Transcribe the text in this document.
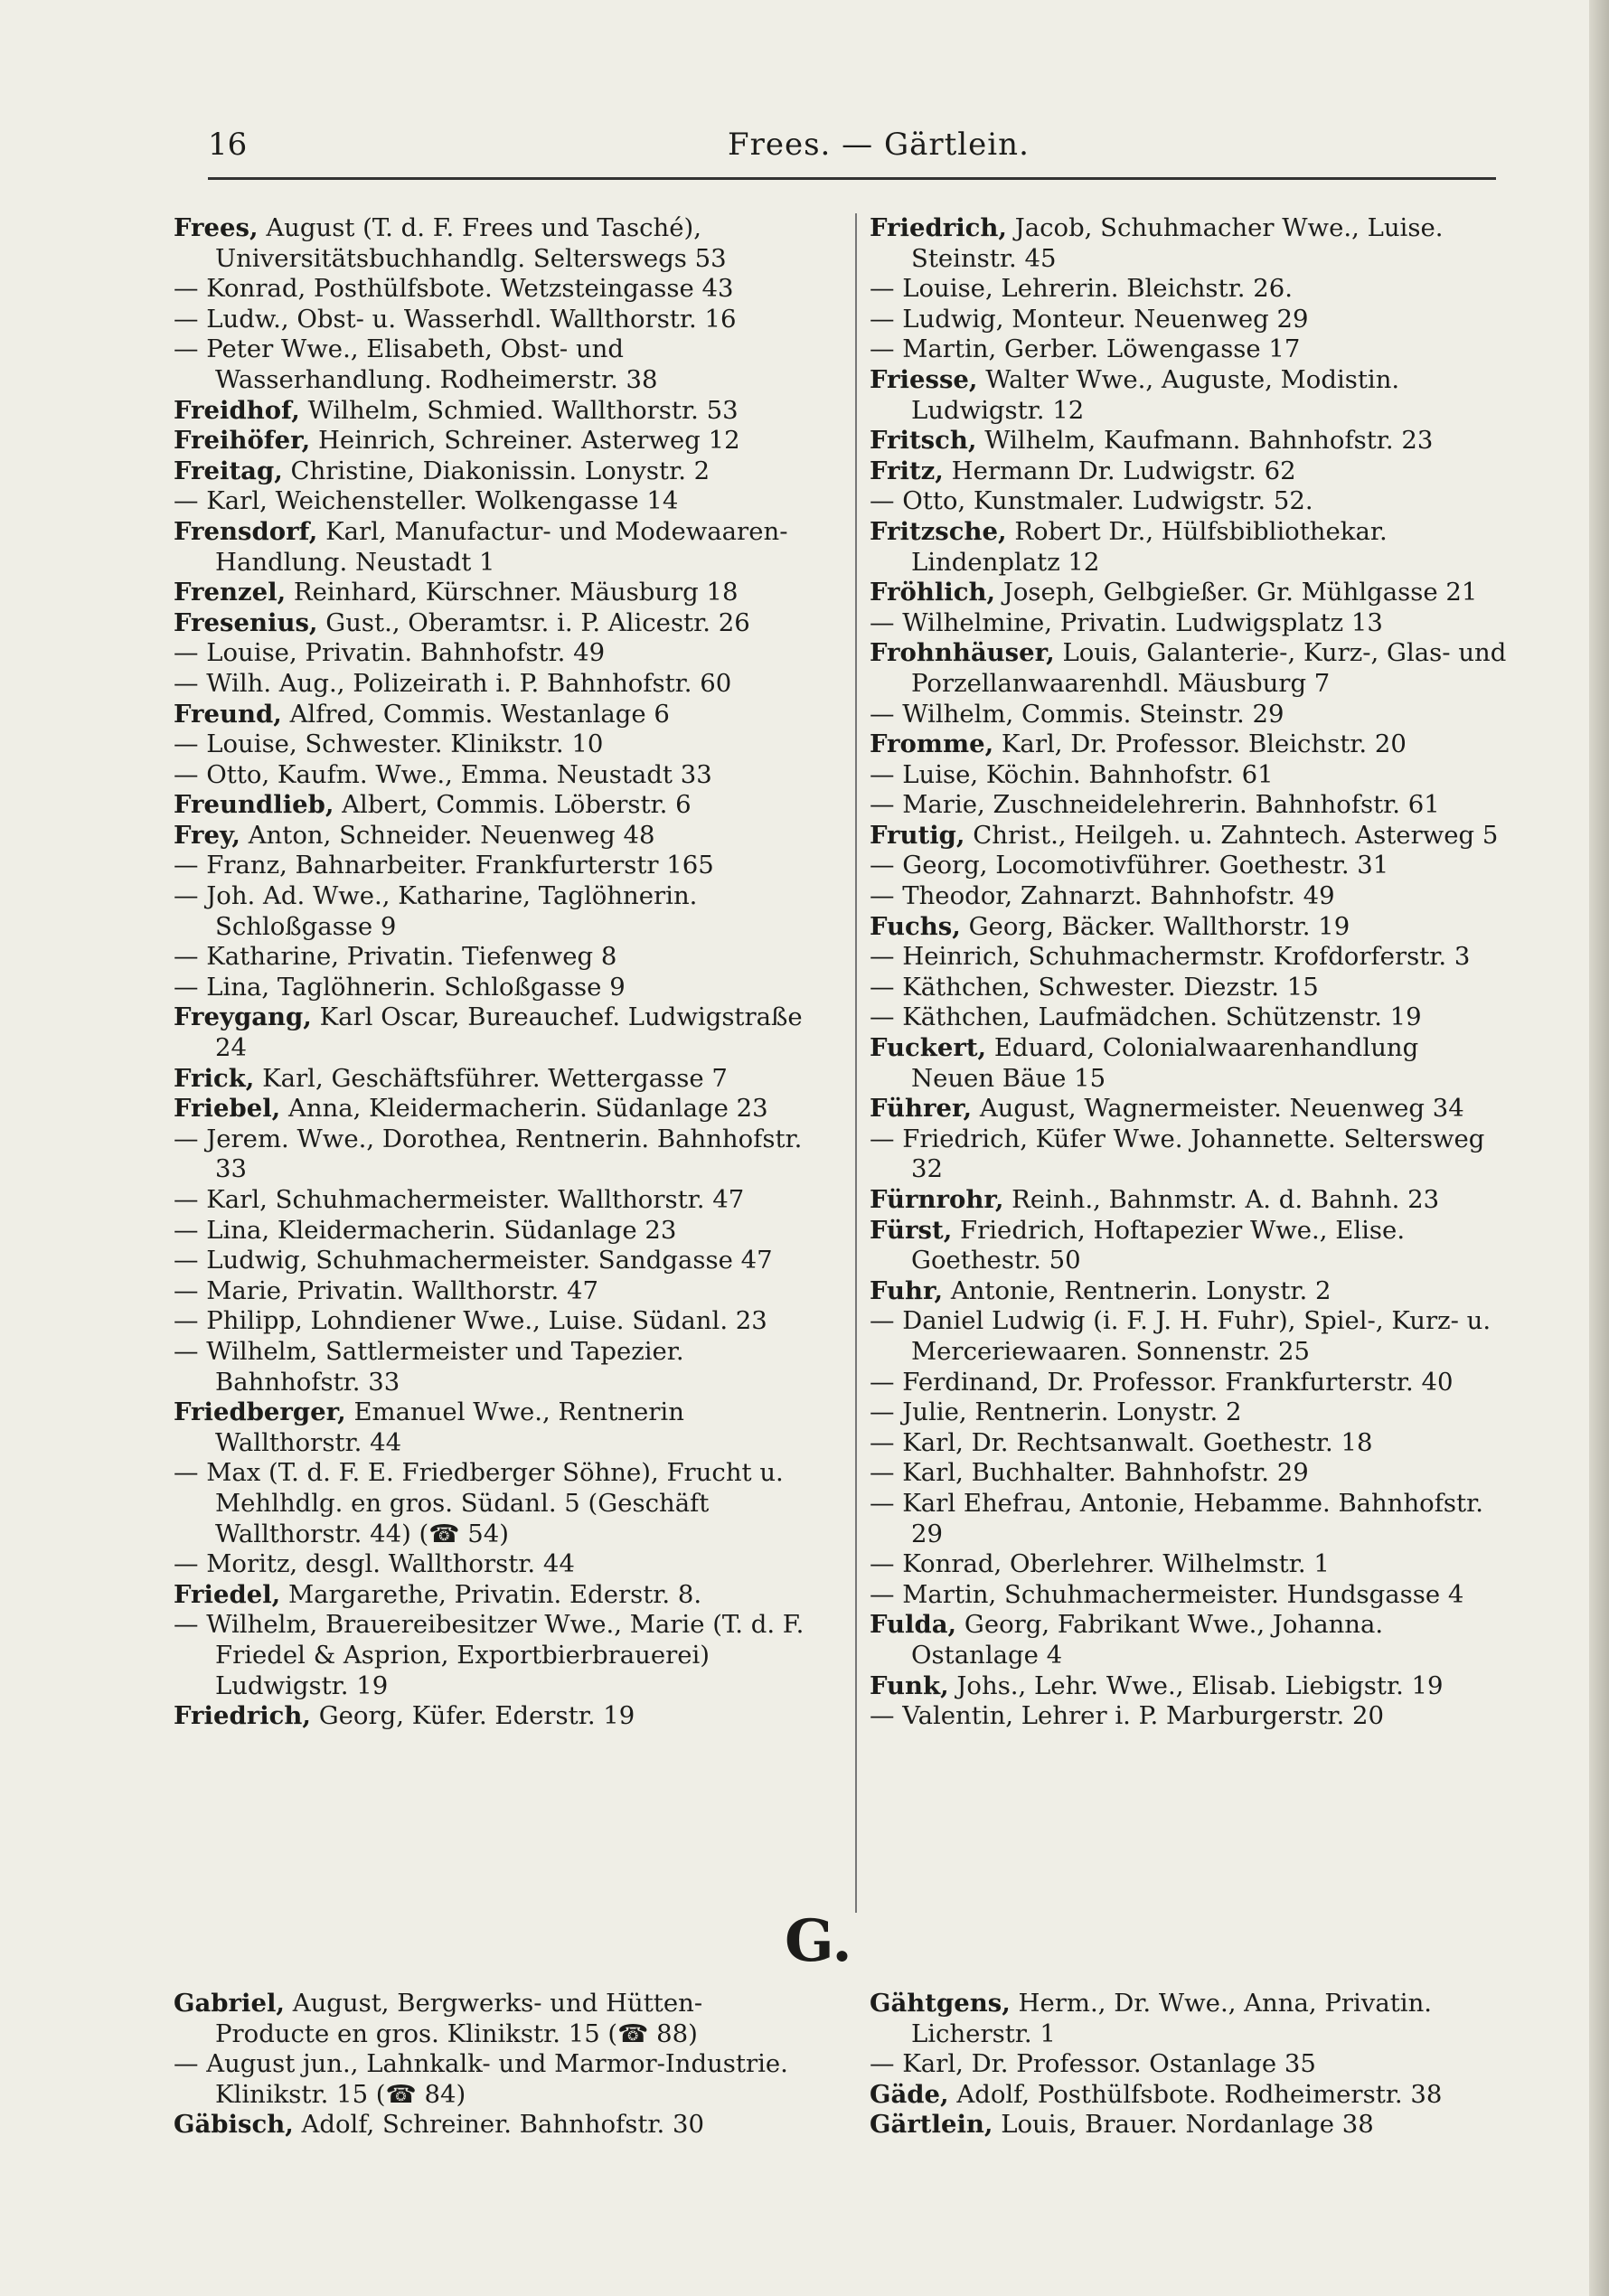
16	Frees. — Gärtlein.
Frees, August (T. d. F. Frees und Tasché), Universitätsbuchhandlg. Selterswegs 53
— Konrad, Posthülfsbote. Wetzsteingasse 43
— Ludw., Obst- u. Wasserhdl. Wallthorstr. 16
— Peter Wwe., Elisabeth, Obst- und Wasserhandlung. Rodheimerstr. 38
Freidhof, Wilhelm, Schmied. Wallthorstr. 53
Freihöfer, Heinrich, Schreiner. Asterweg 12
Freitag, Christine, Diakonissin. Lonystr. 2
— Karl, Weichensteller. Wolkengasse 14
Frensdorf, Karl, Manufactur- und Modewaaren-Handlung. Neustadt 1
Frenzel, Reinhard, Kürschner. Mäusburg 18
Fresenius, Gust., Oberamtsr. i. P. Alicestr. 26
— Louise, Privatin. Bahnhofstr. 49
— Wilh. Aug., Polizeirath i. P. Bahnhofstr. 60
Freund, Alfred, Commis. Westanlage 6
— Louise, Schwester. Klinikstr. 10
— Otto, Kaufm. Wwe., Emma. Neustadt 33
Freundlieb, Albert, Commis. Löberstr. 6
Frey, Anton, Schneider. Neuenweg 48
— Franz, Bahnarbeiter. Frankfurterstr 165
— Joh. Ad. Wwe., Katharine, Taglöhnerin. Schloßgasse 9
— Katharine, Privatin. Tiefenweg 8
— Lina, Taglöhnerin. Schloßgasse 9
Freygang, Karl Oscar, Bureauchef. Ludwigstraße 24
Frick, Karl, Geschäftsführer. Wettergasse 7
Friebel, Anna, Kleidermacherin. Südanlage 23
— Jerem. Wwe., Dorothea, Rentnerin. Bahnhofstr. 33
— Karl, Schuhmachermeister. Wallthorstr. 47
— Lina, Kleidermacherin. Südanlage 23
— Ludwig, Schuhmachermeister. Sandgasse 47
— Marie, Privatin. Wallthorstr. 47
— Philipp, Lohndiener Wwe., Luise. Südanl. 23
— Wilhelm, Sattlermeister und Tapezier. Bahnhofstr. 33
Friedberger, Emanuel Wwe., Rentnerin Wallthorstr. 44
— Max (T. d. F. E. Friedberger Söhne), Frucht u. Mehlhdlg. en gros. Südanl. 5 (Geschäft Wallthorstr. 44) (☎ 54)
— Moritz, desgl. Wallthorstr. 44
Friedel, Margarethe, Privatin. Ederstr. 8.
— Wilhelm, Brauereibesitzer Wwe., Marie (T. d. F. Friedel & Asprion, Exportbierbrauerei) Ludwigstr. 19
Friedrich, Georg, Küfer. Ederstr. 19
Friedrich, Jacob, Schuhmacher Wwe., Luise. Steinstr. 45
— Louise, Lehrerin. Bleichstr. 26.
— Ludwig, Monteur. Neuenweg 29
— Martin, Gerber. Löwengasse 17
Friesse, Walter Wwe., Auguste, Modistin. Ludwigstr. 12
Fritsch, Wilhelm, Kaufmann. Bahnhofstr. 23
Fritz, Hermann Dr. Ludwigstr. 62
— Otto, Kunstmaler. Ludwigstr. 52.
Fritzsche, Robert Dr., Hülfsbibliothekar. Lindenplatz 12
Fröhlich, Joseph, Gelbgießer. Gr. Mühlgasse 21
— Wilhelmine, Privatin. Ludwigsplatz 13
Frohnhäuser, Louis, Galanterie-, Kurz-, Glas- und Porzellanwaarenhdl. Mäusburg 7
— Wilhelm, Commis. Steinstr. 29
Fromme, Karl, Dr. Professor. Bleichstr. 20
— Luise, Köchin. Bahnhofstr. 61
— Marie, Zuschneidelehrerin. Bahnhofstr. 61
Frutig, Christ., Heilgeh. u. Zahntech. Asterweg 5
— Georg, Locomotivführer. Goethestr. 31
— Theodor, Zahnarzt. Bahnhofstr. 49
Fuchs, Georg, Bäcker. Wallthorstr. 19
— Heinrich, Schuhmachermstr. Krofdorferstr. 3
— Käthchen, Schwester. Diezstr. 15
— Käthchen, Laufmädchen. Schützenstr. 19
Fuckert, Eduard, Colonialwaarenhandlung Neuen Bäue 15
Führer, August, Wagnermeister. Neuenweg 34
— Friedrich, Küfer Wwe. Johannette. Seltersweg 32
Fürnrohr, Reinh., Bahnmstr. A. d. Bahnh. 23
Fürst, Friedrich, Hoftapezier Wwe., Elise. Goethestr. 50
Fuhr, Antonie, Rentnerin. Lonystr. 2
— Daniel Ludwig (i. F. J. H. Fuhr), Spiel-, Kurz- u. Merceriewaaren. Sonnenstr. 25
— Ferdinand, Dr. Professor. Frankfurterstr. 40
— Julie, Rentnerin. Lonystr. 2
— Karl, Dr. Rechtsanwalt. Goethestr. 18
— Karl, Buchhalter. Bahnhofstr. 29
— Karl Ehefrau, Antonie, Hebamme. Bahnhofstr. 29
— Konrad, Oberlehrer. Wilhelmstr. 1
— Martin, Schuhmachermeister. Hundsgasse 4
Fulda, Georg, Fabrikant Wwe., Johanna. Ostanlage 4
Funk, Johs., Lehr. Wwe., Elisab. Liebigstr. 19
— Valentin, Lehrer i. P. Marburgerstr. 20
G.
Gabriel, August, Bergwerks- und Hütten-Producte en gros. Klinikstr. 15 (☎ 88)
— August jun., Lahnkalk- und Marmor-Industrie. Klinikstr. 15 (☎ 84)
Gäbisch, Adolf, Schreiner. Bahnhofstr. 30
Gähtgens, Herm., Dr. Wwe., Anna, Privatin. Licherstr. 1
— Karl, Dr. Professor. Ostanlage 35
Gäde, Adolf, Posthülfsbote. Rodheimerstr. 38
Gärtlein, Louis, Brauer. Nordanlage 38
